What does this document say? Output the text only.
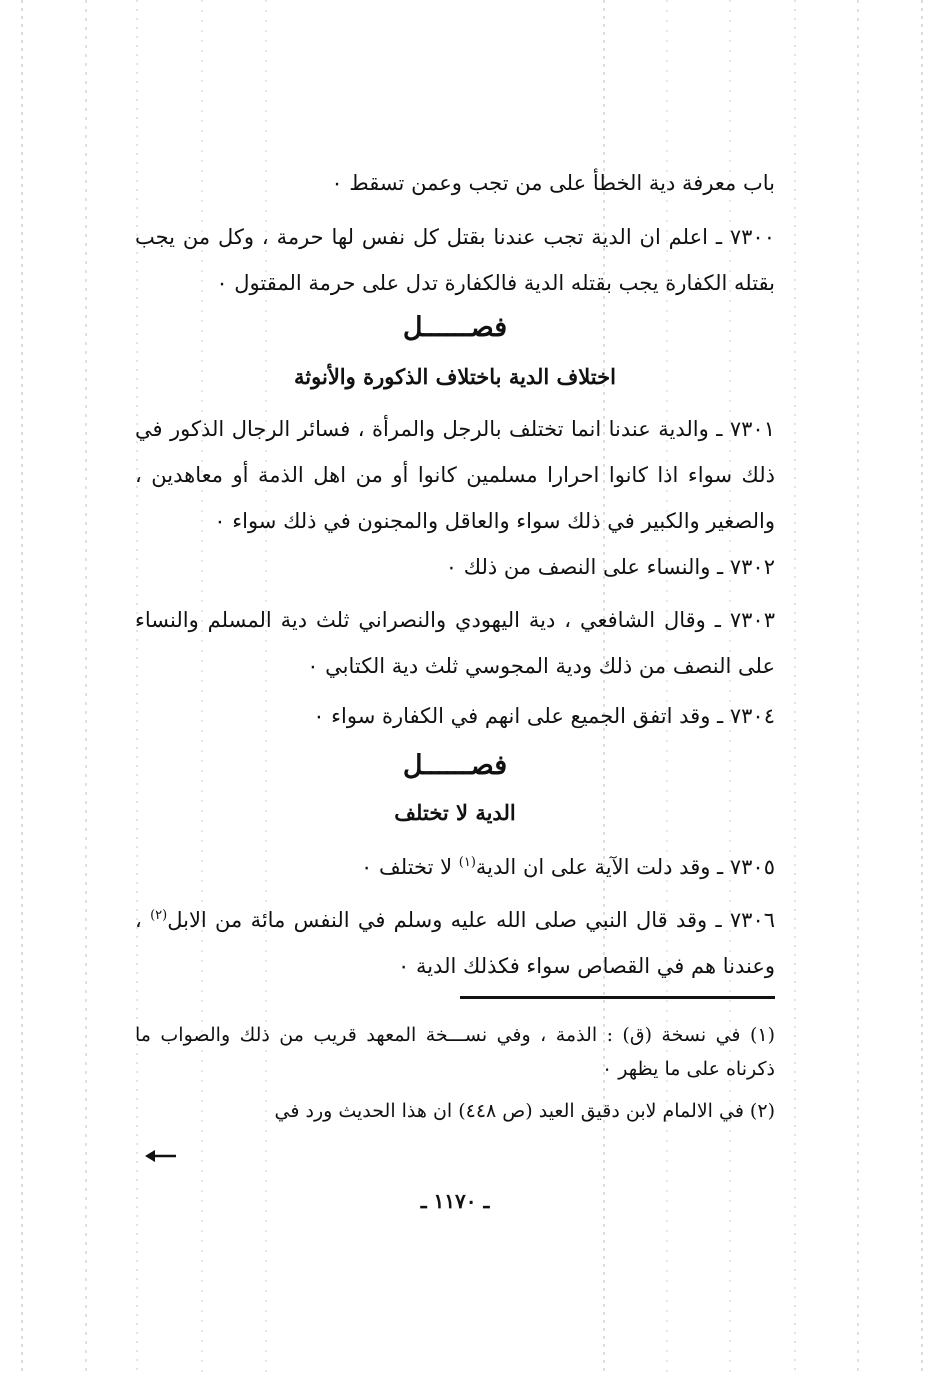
باب معرفة دية الخطأ على من تجب وعمن تسقط ٠
٧٣٠٠ ـ اعلم ان الدية تجب عندنا بقتل كل نفس لها حرمة ، وكل من يجب بقتله الكفارة يجب بقتله الدية فالكفارة تدل على حرمة المقتول ٠
فصــــــل
اختلاف الدية باختلاف الذكورة والأنوثة
٧٣٠١ ـ والدية عندنا انما تختلف بالرجل والمرأة ، فسائر الرجال الذكور في ذلك سواء اذا كانوا احرارا مسلمين كانوا أو من اهل الذمة أو معاهدين ، والصغير والكبير في ذلك سواء والعاقل والمجنون في ذلك سواء ٠
٧٣٠٢ ـ والنساء على النصف من ذلك ٠
٧٣٠٣ ـ وقال الشافعي ، دية اليهودي والنصراني ثلث دية المسلم والنساء على النصف من ذلك ودية المجوسي ثلث دية الكتابي ٠
٧٣٠٤ ـ وقد اتفق الجميع على انهم في الكفارة سواء ٠
فصــــــل
الدية لا تختلف
٧٣٠٥ ـ وقد دلت الآية على ان الدية$^{(١)}$ لا تختلف ٠
٧٣٠٦ ـ وقد قال النبي صلى الله عليه وسلم في النفس مائة من الابل$^{(٢)}$ ، وعندنا هم في القصاص سواء فكذلك الدية ٠
(١) في نسخة (ق) : الذمة ، وفي نســـخة المعهد قريب من ذلك والصواب ما ذكرناه على ما يظهر ٠
(٢) في الالمام لابن دقيق العيد (ص ٤٤٨) ان هذا الحديث ورد في
ـ ١١٧٠ ـ
